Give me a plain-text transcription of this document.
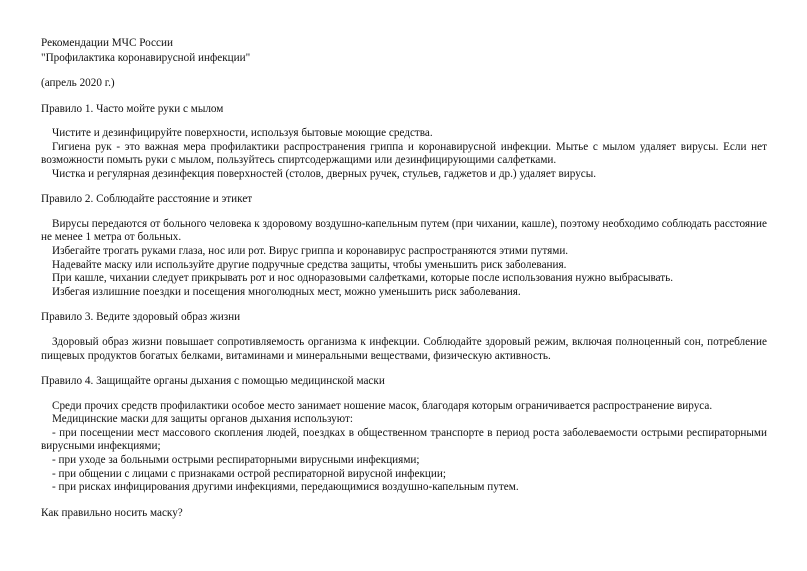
Рекомендации МЧС России
"Профилактика коронавирусной инфекции"
(апрель 2020 г.)
Правило 1. Часто мойте руки с мылом
Чистите и дезинфицируйте поверхности, используя бытовые моющие средства.
Гигиена рук - это важная мера профилактики распространения гриппа и коронавирусной инфекции. Мытье с мылом удаляет вирусы. Если нет возможности помыть руки с мылом, пользуйтесь спиртсодержащими или дезинфицирующими салфетками.
Чистка и регулярная дезинфекция поверхностей (столов, дверных ручек, стульев, гаджетов и др.) удаляет вирусы.
Правило 2. Соблюдайте расстояние и этикет
Вирусы передаются от больного человека к здоровому воздушно-капельным путем (при чихании, кашле), поэтому необходимо соблюдать расстояние не менее 1 метра от больных.
Избегайте трогать руками глаза, нос или рот. Вирус гриппа и коронавирус распространяются этими путями.
Надевайте маску или используйте другие подручные средства защиты, чтобы уменьшить риск заболевания.
При кашле, чихании следует прикрывать рот и нос одноразовыми салфетками, которые после использования нужно выбрасывать.
Избегая излишние поездки и посещения многолюдных мест, можно уменьшить риск заболевания.
Правило 3. Ведите здоровый образ жизни
Здоровый образ жизни повышает сопротивляемость организма к инфекции. Соблюдайте здоровый режим, включая полноценный сон, потребление пищевых продуктов богатых белками, витаминами и минеральными веществами, физическую активность.
Правило 4. Защищайте органы дыхания с помощью медицинской маски
Среди прочих средств профилактики особое место занимает ношение масок, благодаря которым ограничивается распространение вируса.
Медицинские маски для защиты органов дыхания используют:
- при посещении мест массового скопления людей, поездках в общественном транспорте в период роста заболеваемости острыми респираторными вирусными инфекциями;
- при уходе за больными острыми респираторными вирусными инфекциями;
- при общении с лицами с признаками острой респираторной вирусной инфекции;
- при рисках инфицирования другими инфекциями, передающимися воздушно-капельным путем.
Как правильно носить маску?
